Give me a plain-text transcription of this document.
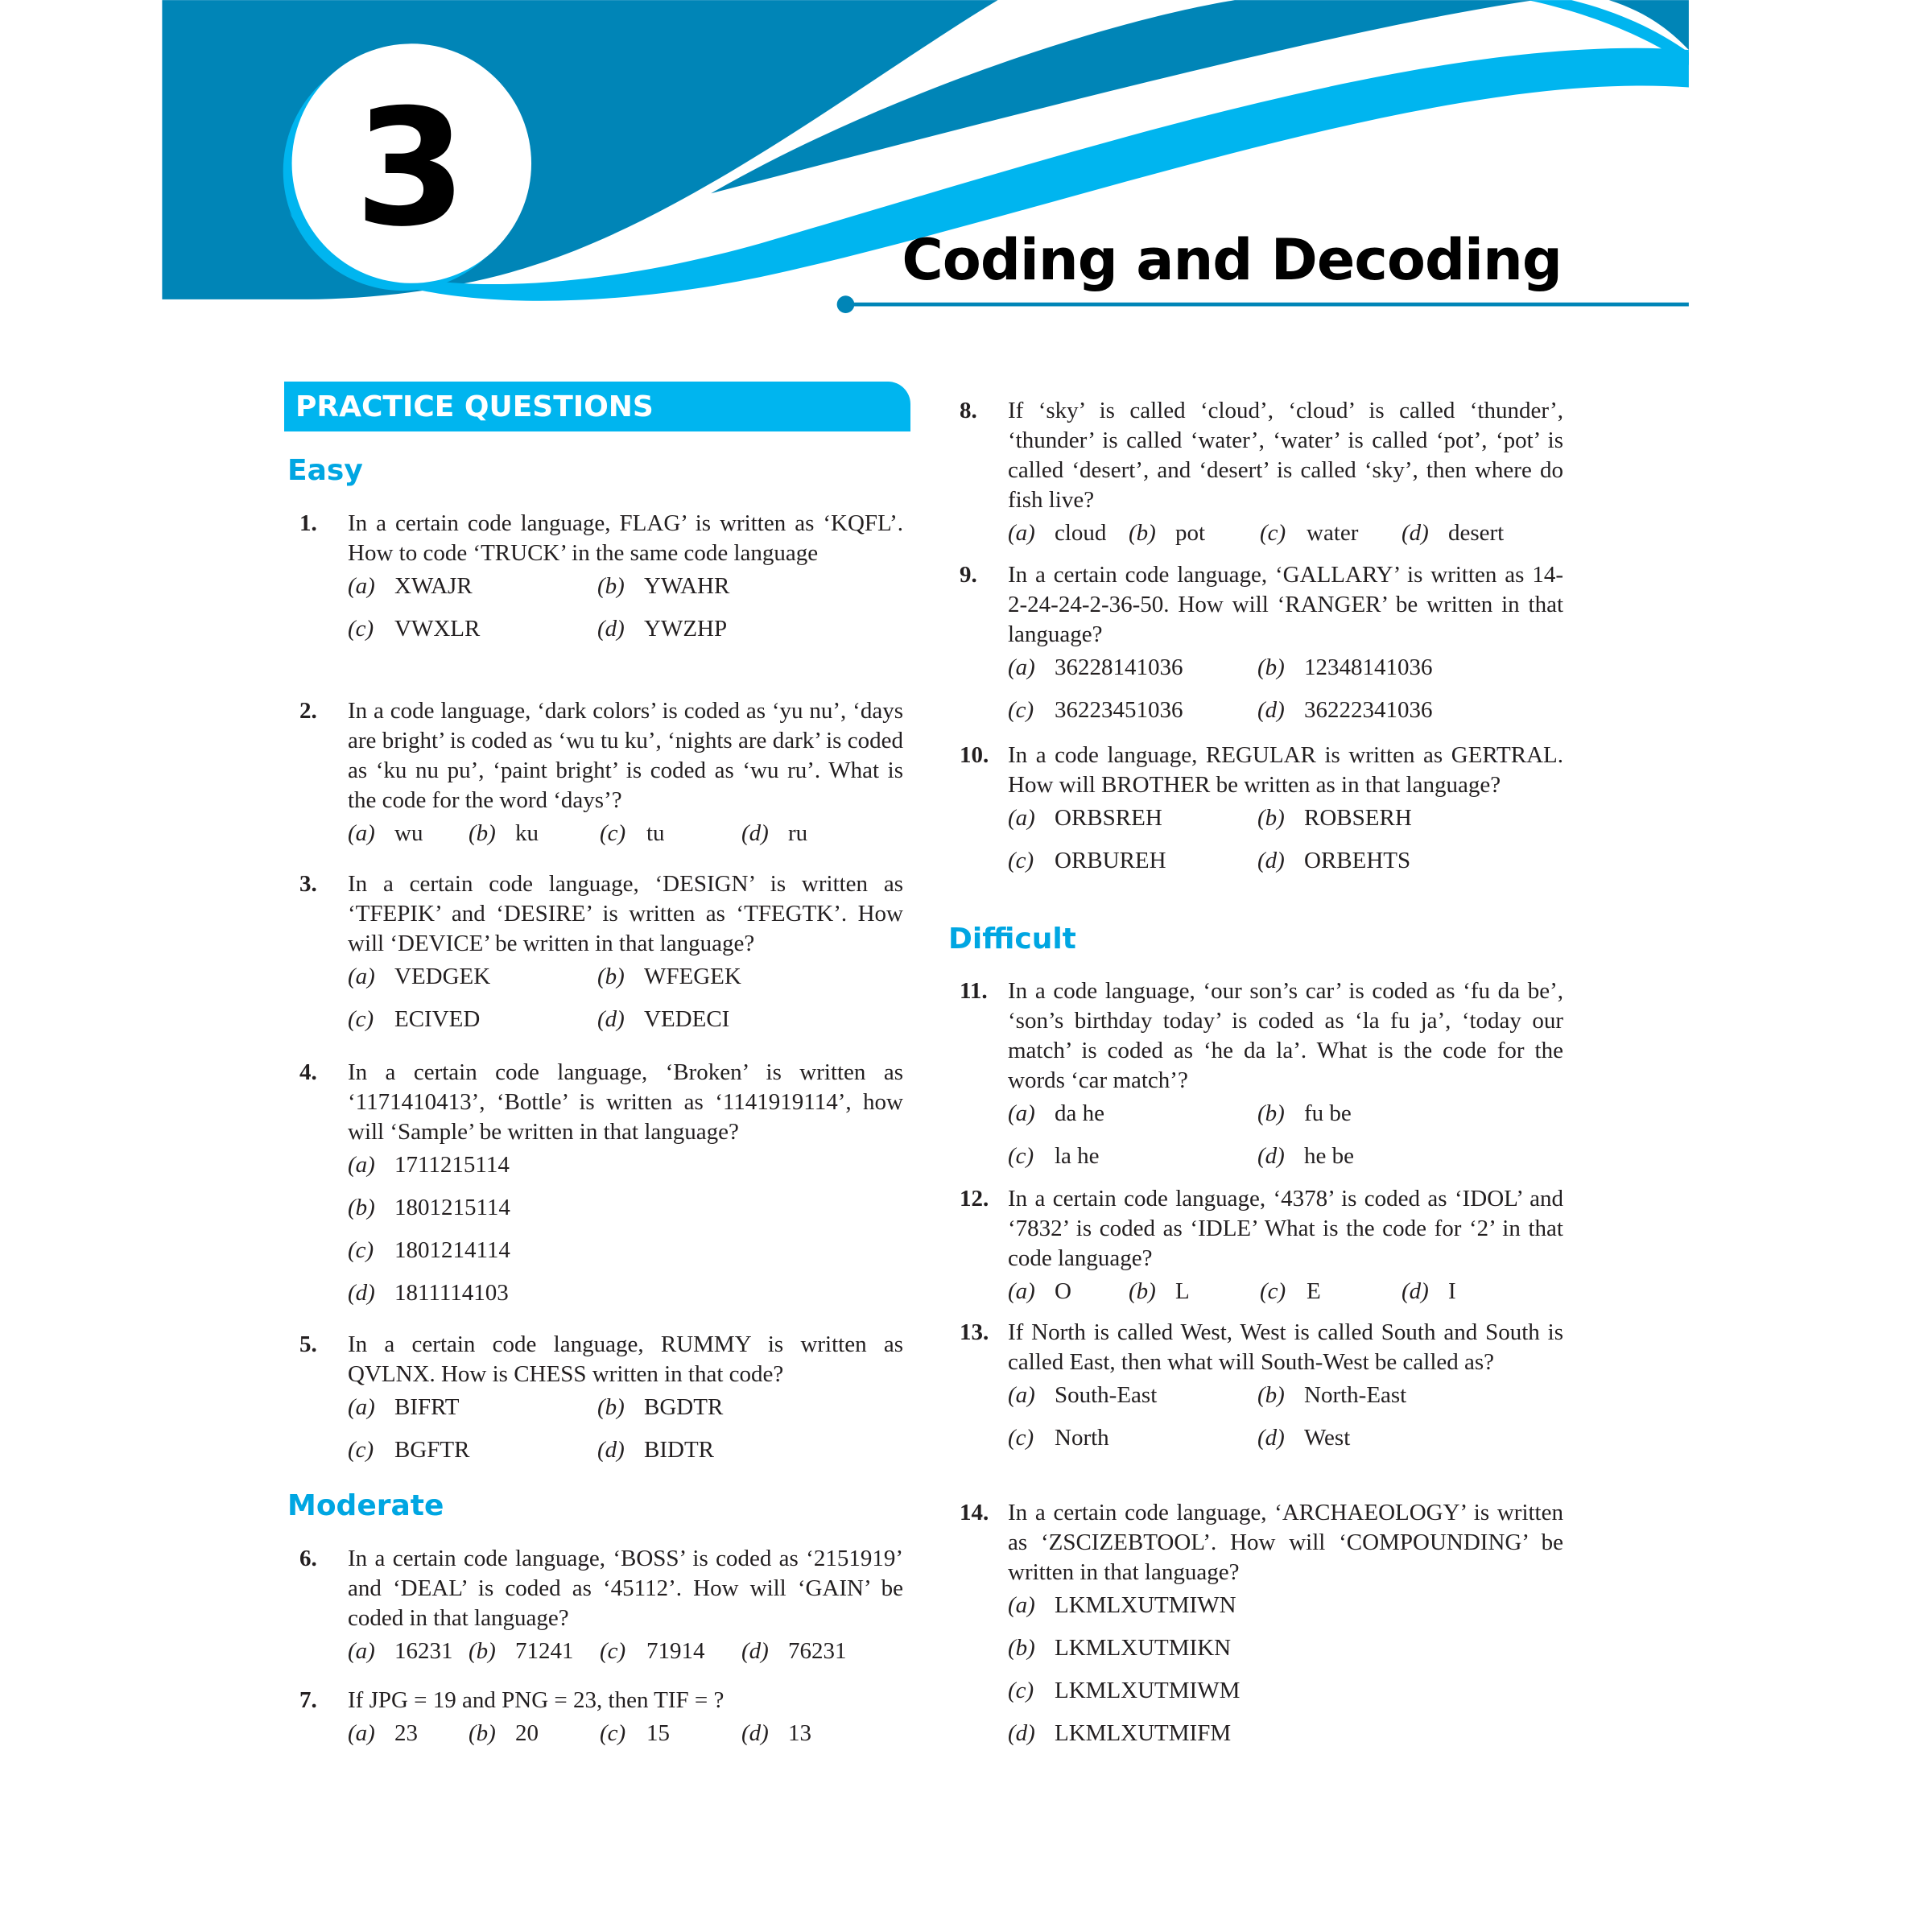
3	Coding and Decoding
PRACTICE QUESTIONS
Easy
Moderate
Difficult
1. In a certain code language, FLAG’ is written as ‘KQFL’. How to code ‘TRUCK’ in the same code language
(a) XWAJR	(b) YWAHR
(c) VWXLR	(d) YWZHP
2. In a code language, ‘dark colors’ is coded as ‘yu nu’, ‘days are bright’ is coded as ‘wu tu ku’, ‘nights are dark’ is coded as ‘ku nu pu’, ‘paint bright’ is coded as ‘wu ru’. What is the code for the word ‘days’?
(a) wu	(b) ku	(c) tu	(d) ru
3. In a certain code language, ‘DESIGN’ is written as ‘TFEPIK’ and ‘DESIRE’ is written as ‘TFEGTK’. How will ‘DEVICE’ be written in that language?
(a) VEDGEK	(b) WFEGEK
(c) ECIVED	(d) VEDECI
4. In a certain code language, ‘Broken’ is written as ‘1171410413’, ‘Bottle’ is written as ‘1141919114’, how will ‘Sample’ be written in that language?
(a) 1711215114
(b) 1801215114
(c) 1801214114
(d) 1811114103
5. In a certain code language, RUMMY is written as QVLNX. How is CHESS written in that code?
(a) BIFRT	(b) BGDTR
(c) BGFTR	(d) BIDTR
6. In a certain code language, ‘BOSS’ is coded as ‘2151919’ and ‘DEAL’ is coded as ‘45112’. How will ‘GAIN’ be coded in that language?
(a) 16231 (b) 71241	(c) 71914	(d) 76231
7. If JPG = 19 and PNG = 23, then TIF = ?
(a) 23	(b) 20	(c) 15	(d) 13
8. If ‘sky’ is called ‘cloud’, ‘cloud’ is called ‘thunder’, ‘thunder’ is called ‘water’, ‘water’ is called ‘pot’, ‘pot’ is called ‘desert’, and ‘desert’ is called ‘sky’, then where do fish live?
(a) cloud (b) pot	(c) water	(d) desert
9. In a certain code language, ‘GALLARY’ is written as 14-2-24-24-2-36-50. How will ‘RANGER’ be written in that language?
(a) 36228141036	(b) 12348141036
(c) 36223451036	(d) 36222341036
10. In a code language, REGULAR is written as GERTRAL. How will BROTHER be written as in that language?
(a) ORBSREH	(b) ROBSERH
(c) ORBUREH	(d) ORBEHTS
11. In a code language, ‘our son’s car’ is coded as ‘fu da be’, ‘son’s birthday today’ is coded as ‘la fu ja’, ‘today our match’ is coded as ‘he da la’. What is the code for the words ‘car match’?
(a) da he	(b) fu be
(c) la he	(d) he be
12. In a certain code language, ‘4378’ is coded as ‘IDOL’ and ‘7832’ is coded as ‘IDLE’ What is the code for ‘2’ in that code language?
(a) O	(b) L	(c) E	(d) I
13. If North is called West, West is called South and South is called East, then what will South-West be called as?
(a) South-East	(b) North-East
(c) North	(d) West
14. In a certain code language, ‘ARCHAEOLOGY’ is written as ‘ZSCIZEBTOOL’. How will ‘COMPOUNDING’ be written in that language?
(a) LKMLXUTMIWN
(b) LKMLXUTMIKN
(c) LKMLXUTMIWM
(d) LKMLXUTMIFM
